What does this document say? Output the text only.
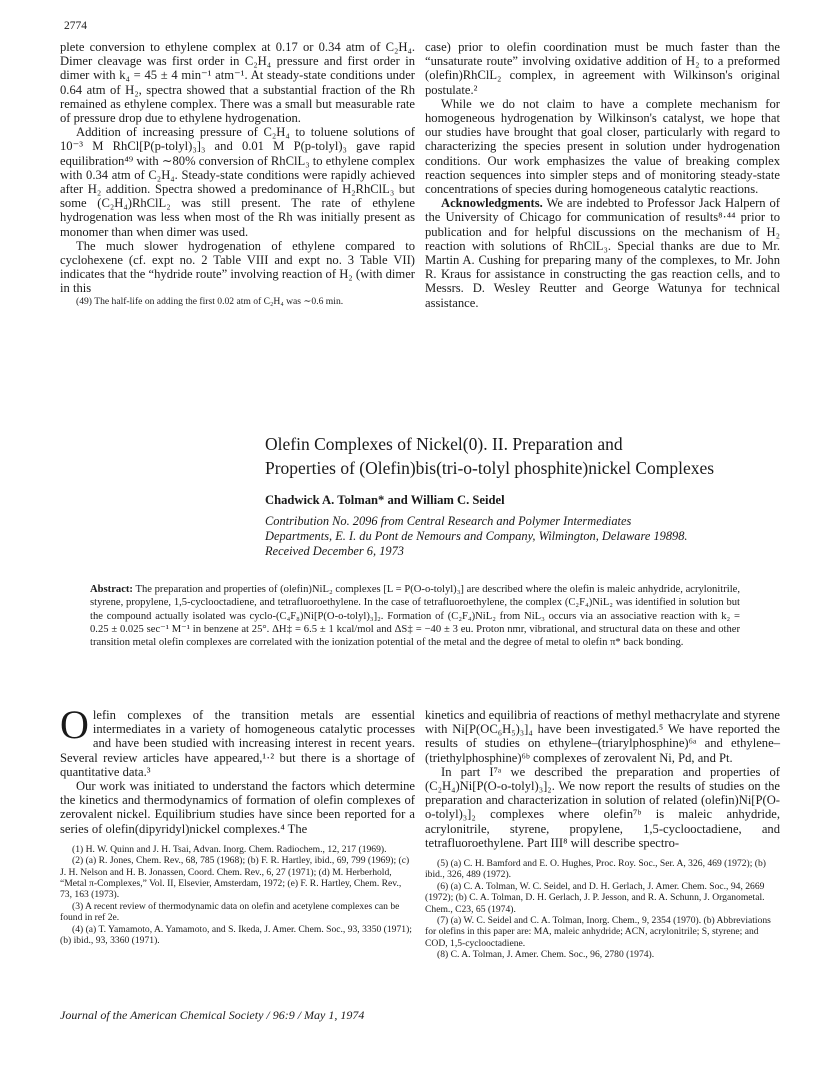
2774

plete conversion to ethylene complex at 0.17 or 0.34 atm of C₂H₄. Dimer cleavage was first order in C₂H₄ pressure and first order in dimer with k₄ = 45 ± 4 min⁻¹ atm⁻¹. At steady-state conditions under 0.64 atm of H₂, spectra showed that a substantial fraction of the Rh remained as ethylene complex. There was a small but measurable rate of pressure drop due to ethylene hydrogenation.

Addition of increasing pressure of C₂H₄ to toluene solutions of 10⁻³ M RhCl[P(p-tolyl)₃]₃ and 0.01 M P(p-tolyl)₃ gave rapid equilibration⁴⁹ with ∼80% conversion of RhClL₃ to ethylene complex with 0.34 atm of C₂H₄. Steady-state conditions were rapidly achieved after H₂ addition. Spectra showed a predominance of H₂RhClL₃ but some (C₂H₄)RhClL₂ was still present. The rate of ethylene hydrogenation was less when most of the Rh was initially present as monomer than when dimer was used.

The much slower hydrogenation of ethylene compared to cyclohexene (cf. expt no. 2 Table VIII and expt no. 3 Table VII) indicates that the “hydride route” involving reaction of H₂ (with dimer in this

(49) The half-life on adding the first 0.02 atm of C₂H₄ was ∼0.6 min.

case) prior to olefin coordination must be much faster than the “unsaturate route” involving oxidative addition of H₂ to a preformed (olefin)RhClL₂ complex, in agreement with Wilkinson's original postulate.²

While we do not claim to have a complete mechanism for homogeneous hydrogenation by Wilkinson's catalyst, we hope that our studies have brought that goal closer, particularly with regard to characterizing the species present in solution under hydrogenation conditions. Our work emphasizes the value of breaking complex reaction sequences into simpler steps and of monitoring steady-state concentrations of species during homogeneous catalytic reactions.

Acknowledgments. We are indebted to Professor Jack Halpern of the University of Chicago for communication of results⁸·⁴⁴ prior to publication and for helpful discussions on the mechanism of H₂ reaction with solutions of RhClL₃. Special thanks are due to Mr. Martin A. Cushing for preparing many of the complexes, to Mr. John R. Kraus for assistance in constructing the gas reaction cells, and to Messrs. D. Wesley Reutter and George Watunya for technical assistance.

Olefin Complexes of Nickel(0). II. Preparation and
Properties of (Olefin)bis(tri-o-tolyl phosphite)nickel Complexes
Chadwick A. Tolman* and William C. Seidel
Contribution No. 2096 from Central Research and Polymer Intermediates
Departments, E. I. du Pont de Nemours and Company, Wilmington, Delaware 19898.
Received December 6, 1973
Abstract: The preparation and properties of (olefin)NiL₂ complexes [L = P(O-o-tolyl)₃] are described where the olefin is maleic anhydride, acrylonitrile, styrene, propylene, 1,5-cyclooctadiene, and tetrafluoroethylene. In the case of tetrafluoroethylene, the complex (C₂F₄)NiL₂ was identified in solution but the compound actually isolated was cyclo-(C₄F₈)Ni[P(O-o-tolyl)₃]₂. Formation of (C₂F₄)NiL₂ from NiL₃ occurs via an associative reaction with k₂ = 0.25 ± 0.025 sec⁻¹ M⁻¹ in benzene at 25°. ΔH‡ = 6.5 ± 1 kcal/mol and ΔS‡ = −40 ± 3 eu. Proton nmr, vibrational, and structural data on these and other transition metal olefin complexes are correlated with the ionization potential of the metal and the degree of metal to olefin π* back bonding.

O lefin complexes of the transition metals are essential intermediates in a variety of homogeneous catalytic processes and have been studied with increasing interest in recent years. Several review articles have appeared,¹·² but there is a shortage of quantitative data.³

Our work was initiated to understand the factors which determine the kinetics and thermodynamics of formation of olefin complexes of zerovalent nickel. Equilibrium studies have since been reported for a series of olefin(dipyridyl)nickel complexes.⁴ The

(1) H. W. Quinn and J. H. Tsai, Advan. Inorg. Chem. Radiochem., 12, 217 (1969).

(2) (a) R. Jones, Chem. Rev., 68, 785 (1968); (b) F. R. Hartley, ibid., 69, 799 (1969); (c) J. H. Nelson and H. B. Jonassen, Coord. Chem. Rev., 6, 27 (1971); (d) M. Herberhold, “Metal π-Complexes,” Vol. II, Elsevier, Amsterdam, 1972; (e) F. R. Hartley, Chem. Rev., 73, 163 (1973).

(3) A recent review of thermodynamic data on olefin and acetylene complexes can be found in ref 2e.

(4) (a) T. Yamamoto, A. Yamamoto, and S. Ikeda, J. Amer. Chem. Soc., 93, 3350 (1971); (b) ibid., 93, 3360 (1971).

kinetics and equilibria of reactions of methyl methacrylate and styrene with Ni[P(OC₆H₅)₃]₄ have been investigated.⁵ We have reported the results of studies on ethylene–(triarylphosphine)⁶ᵃ and ethylene–(triethylphosphine)⁶ᵇ complexes of zerovalent Ni, Pd, and Pt.

In part I⁷ᵃ we described the preparation and properties of (C₂H₄)Ni[P(O-o-tolyl)₃]₂. We now report the results of studies on the preparation and characterization in solution of related (olefin)Ni[P(O-o-tolyl)₃]₂ complexes where olefin⁷ᵇ is maleic anhydride, acrylonitrile, styrene, propylene, 1,5-cyclooctadiene, and tetrafluoroethylene. Part III⁸ will describe spectro-

(5) (a) C. H. Bamford and E. O. Hughes, Proc. Roy. Soc., Ser. A, 326, 469 (1972); (b) ibid., 326, 489 (1972).

(6) (a) C. A. Tolman, W. C. Seidel, and D. H. Gerlach, J. Amer. Chem. Soc., 94, 2669 (1972); (b) C. A. Tolman, D. H. Gerlach, J. P. Jesson, and R. A. Schunn, J. Organometal. Chem., C23, 65 (1974).

(7) (a) W. C. Seidel and C. A. Tolman, Inorg. Chem., 9, 2354 (1970). (b) Abbreviations for olefins in this paper are: MA, maleic anhydride; ACN, acrylonitrile; S, styrene; and COD, 1,5-cyclooctadiene.

(8) C. A. Tolman, J. Amer. Chem. Soc., 96, 2780 (1974).

Journal of the American Chemical Society / 96:9 / May 1, 1974
